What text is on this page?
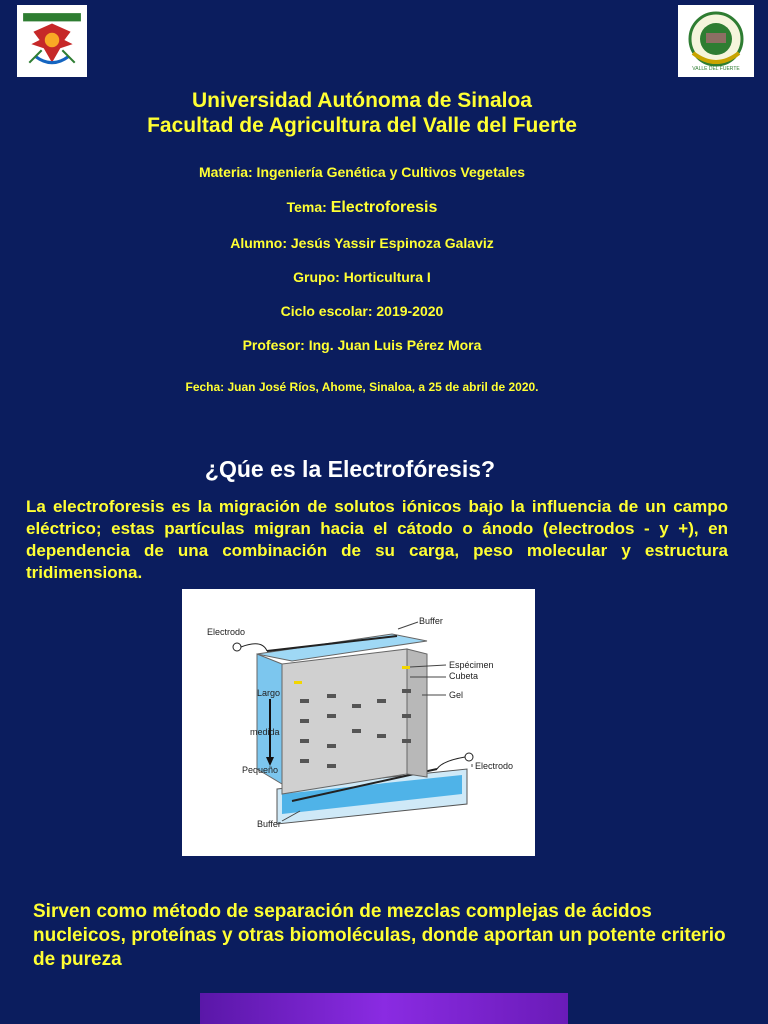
VALLE DEL FUERTE
Universidad Autónoma de Sinaloa
Facultad de Agricultura del Valle del Fuerte
Materia: Ingeniería Genética y Cultivos Vegetales
Tema: Electroforesis
Alumno: Jesús Yassir Espinoza Galaviz
Grupo: Horticultura I
Ciclo escolar: 2019-2020
Profesor: Ing. Juan Luis Pérez Mora
Fecha: Juan José Ríos, Ahome, Sinaloa, a 25 de abril de 2020.
¿Qúe es la Electrofóresis?
La electroforesis es la migración de solutos iónicos bajo la influencia de un campo eléctrico; estas partículas migran hacia el cátodo o ánodo (electrodos - y +), en dependencia de una combinación de su carga, peso molecular y estructura tridimensiona.
Buffer
Electrodo
Espécimen
Cubeta
Gel
Largo
medida
Pequeño	Electrodo
Buffer
Sirven como método de separación de mezclas complejas de ácidos nucleicos, proteínas y otras biomoléculas, donde aportan un potente criterio de pureza
